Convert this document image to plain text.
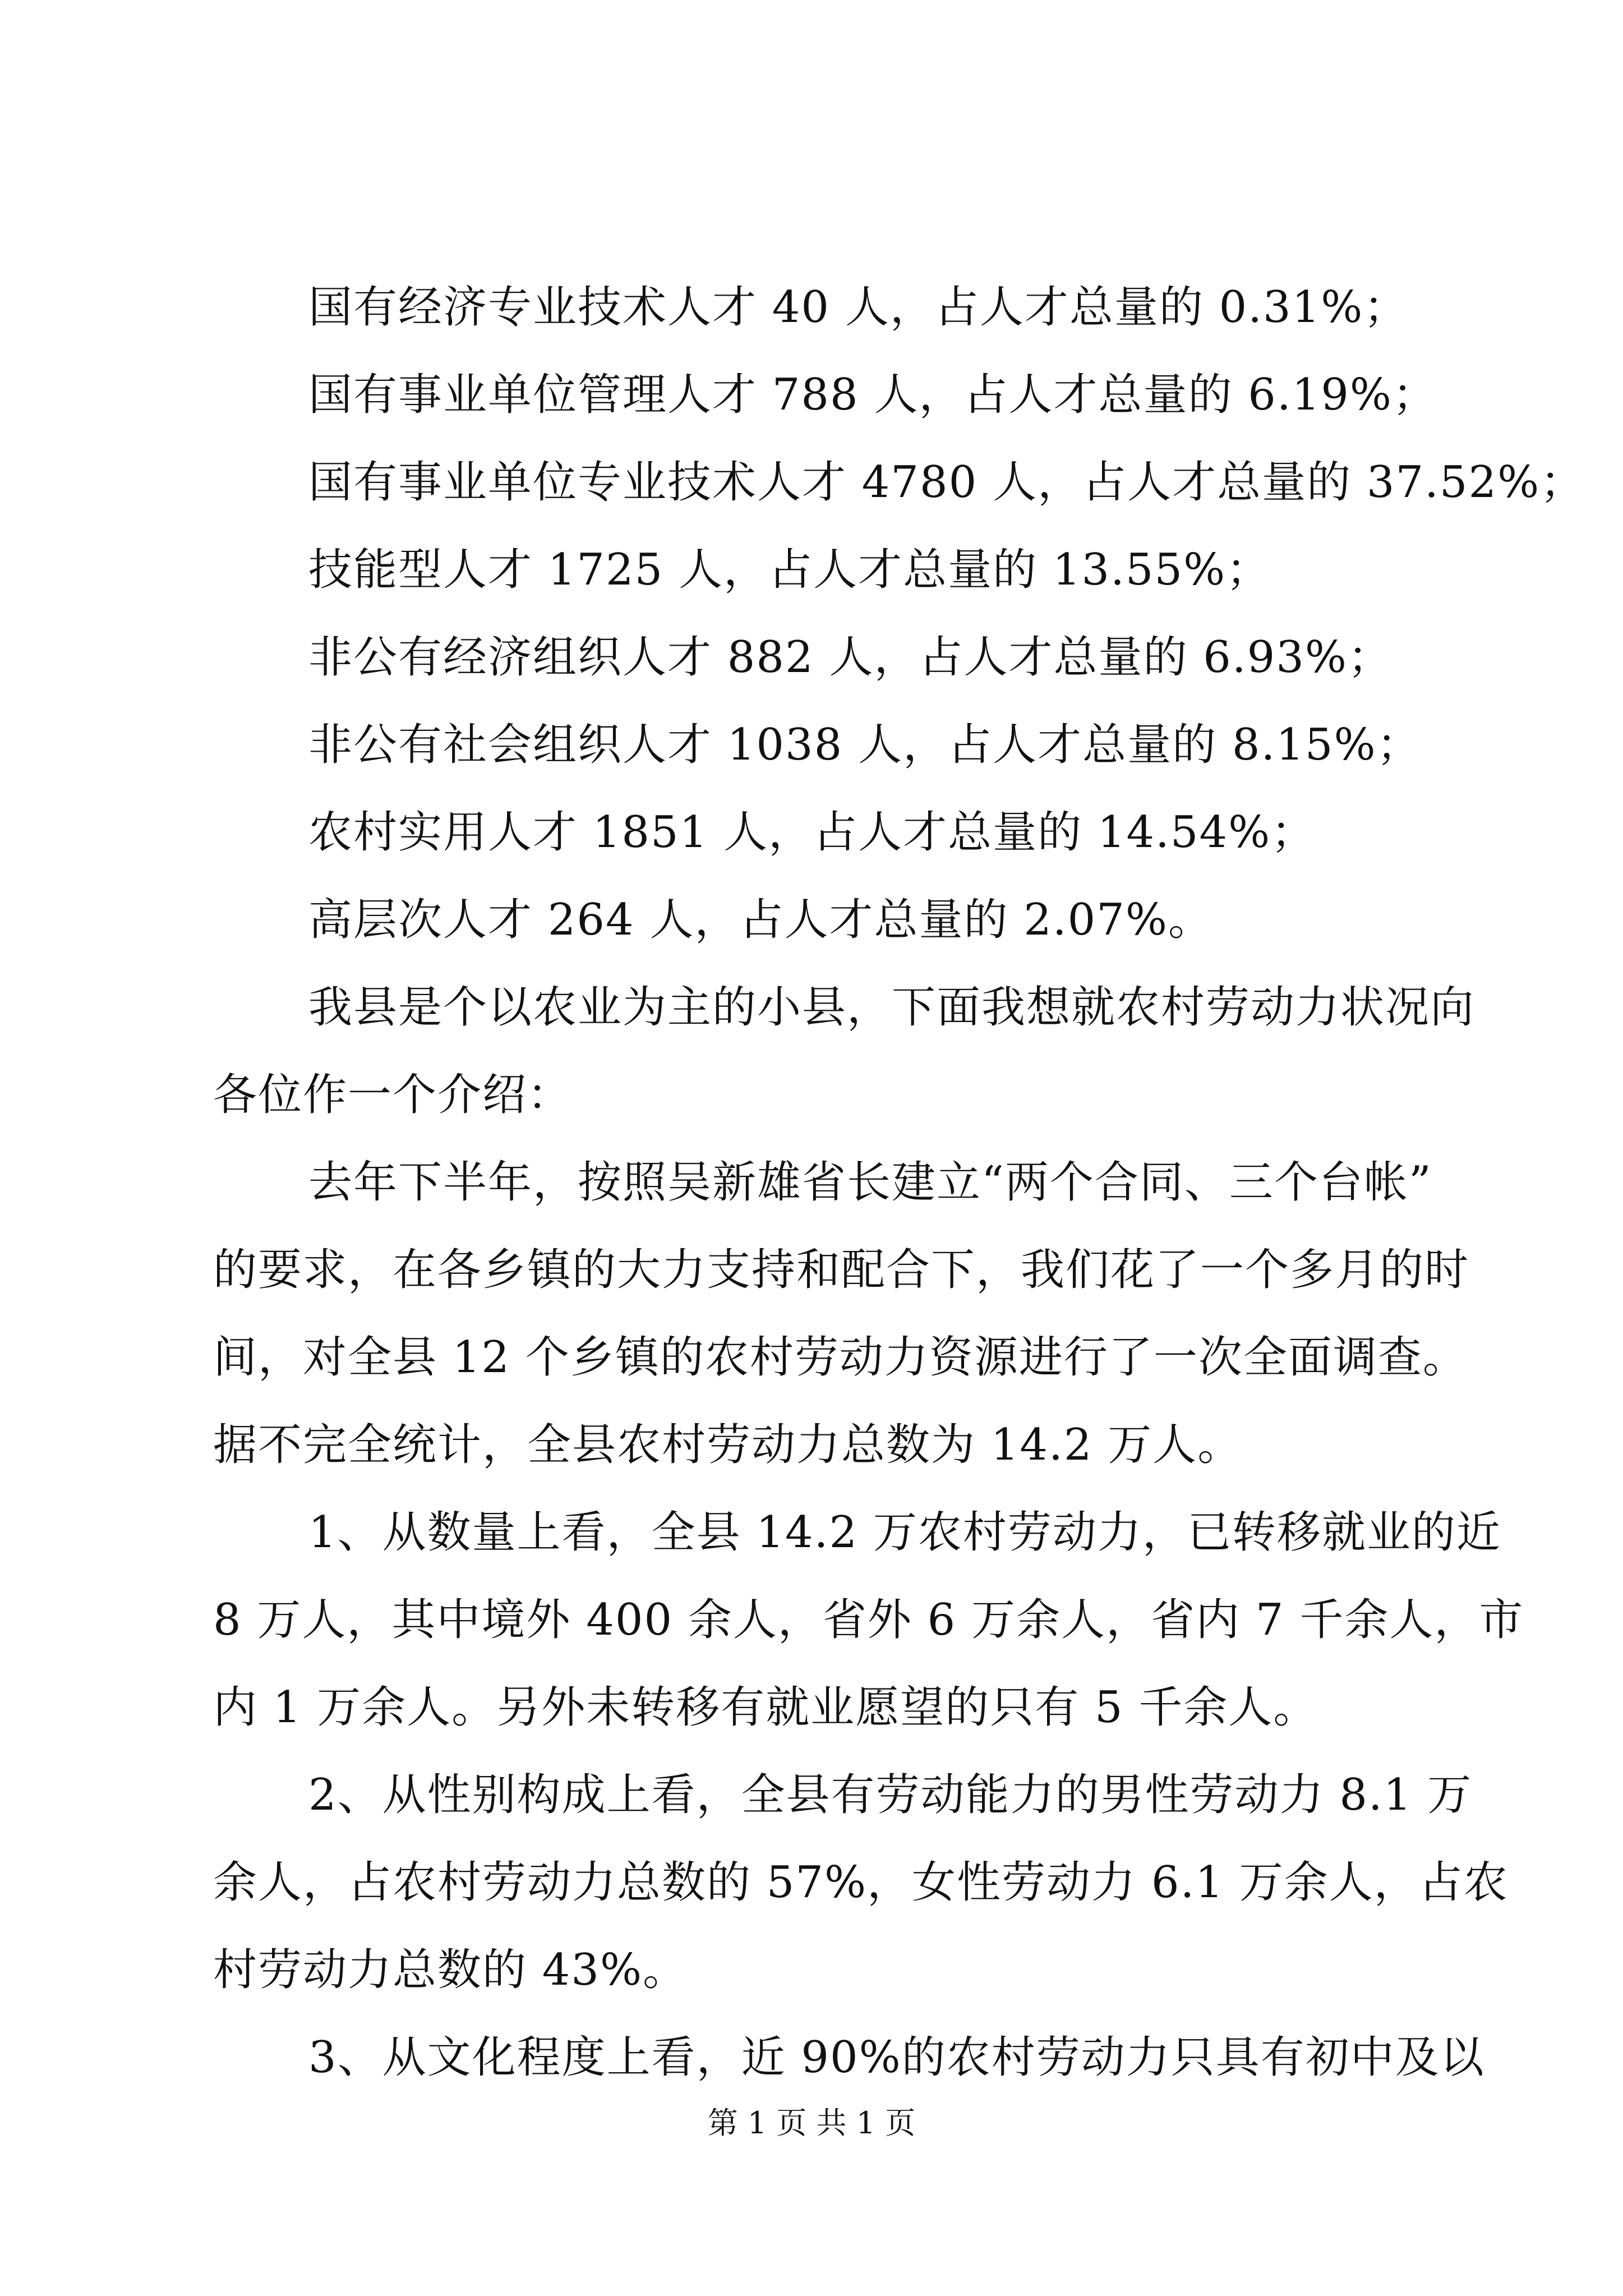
国有经济专业技术人才 40 人，占人才总量的 0.31%；
国有事业单位管理人才 788 人，占人才总量的 6.19%；
国有事业单位专业技术人才 4780 人，占人才总量的 37.52%；
技能型人才 1725 人，占人才总量的 13.55%；
非公有经济组织人才 882 人，占人才总量的 6.93%；
非公有社会组织人才 1038 人，占人才总量的 8.15%；
农村实用人才 1851 人，占人才总量的 14.54%；
高层次人才 264 人，占人才总量的 2.07%。
我县是个以农业为主的小县，下面我想就农村劳动力状况向
各位作一个介绍：
去年下半年，按照吴新雄省长建立“两个合同、三个台帐”
的要求，在各乡镇的大力支持和配合下，我们花了一个多月的时
间，对全县 12 个乡镇的农村劳动力资源进行了一次全面调查。
据不完全统计，全县农村劳动力总数为 14.2 万人。
1、从数量上看，全县 14.2 万农村劳动力，已转移就业的近
8 万人，其中境外 400 余人，省外 6 万余人，省内 7 千余人，市
内 1 万余人。另外未转移有就业愿望的只有 5 千余人。
2、从性别构成上看，全县有劳动能力的男性劳动力 8.1 万
余人，占农村劳动力总数的 57%，女性劳动力 6.1 万余人，占农
村劳动力总数的 43%。
3、从文化程度上看，近 90%的农村劳动力只具有初中及以
第 1 页 共 1 页
